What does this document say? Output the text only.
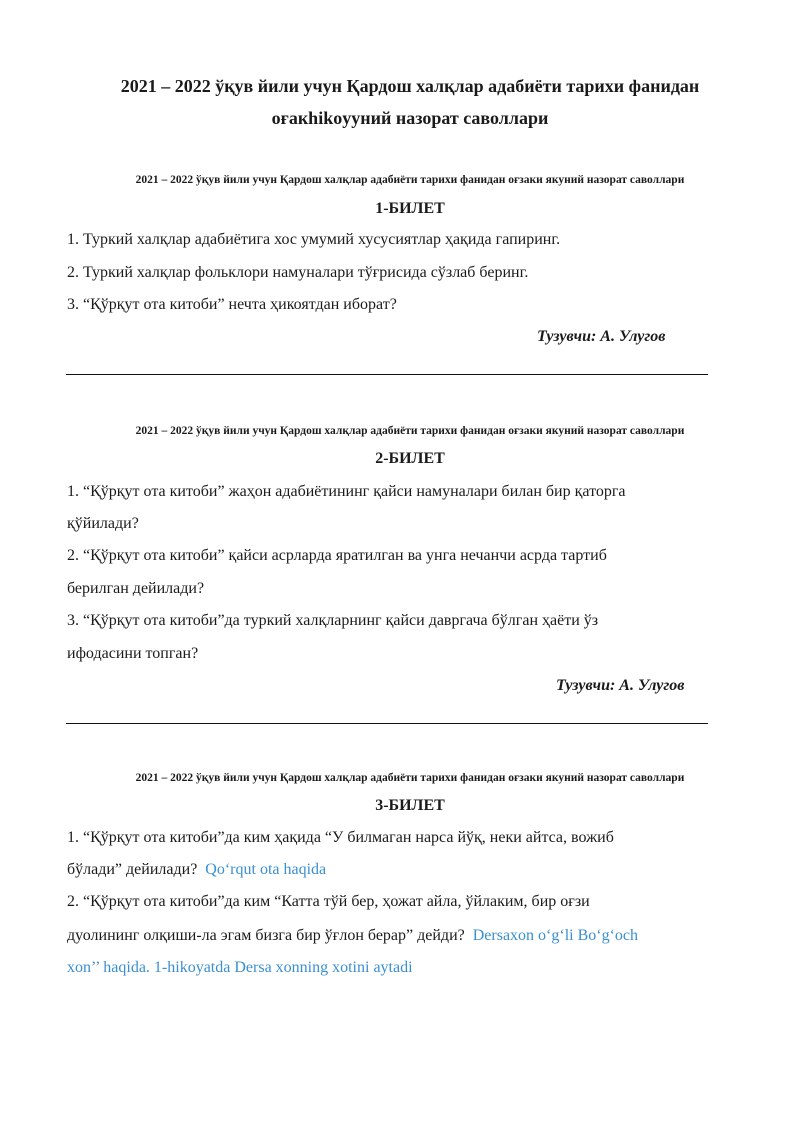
2021 – 2022 ўқув йили учун Қардош халқлар адабиёти тарихи фанидан

оғакhikoyуний назорат саволлари

2021 – 2022 ўқув йили учун Қардош халқлар адабиёти тарихи фанидан оғзаки якуний назорат саволлари

1-БИЛЕТ

1. Туркий халқлар адабиётига хос умумий хусусиятлар ҳақида гапиринг.

2. Туркий халқлар фольклори намуналари тўғрисида сўзлаб беринг.

3. “Қўрқут ота китоби” нечта ҳикоятдан иборат?

Тузувчи: А. Улугов

2021 – 2022 ўқув йили учун Қардош халқлар адабиёти тарихи фанидан оғзаки якуний назорат саволлари

2-БИЛЕТ

1. “Қўрқут ота китоби” жаҳон адабиётининг қайси намуналари билан бир қаторга

қўйилади?

2. “Қўрқут ота китоби” қайси асрларда яратилган ва унга нечанчи асрда тартиб

берилган дейилади?

3. “Қўрқут ота китоби”да туркий халқларнинг қайси давргача бўлган ҳаёти ўз

ифодасини топган?

Тузувчи: А. Улугов

2021 – 2022 ўқув йили учун Қардош халқлар адабиёти тарихи фанидан оғзаки якуний назорат саволлари

3-БИЛЕТ

1. “Қўрқут ота китоби”да ким ҳақида “У билмаган нарса йўқ, неки айтса, вожиб

бўлади” дейилади? Qo‘rqut ota haqida

2. “Қўрқут ота китоби”да ким “Катта тўй бер, ҳожат айла, ўйлаким, бир оғзи

дуолининг олқиши-ла эгам бизга бир ўғлон берар” дейди? Dersaxon o‘g‘li Bo‘g‘och

xon’’ haqida. 1-hikoyatda Dersa xonning xotini aytadi
